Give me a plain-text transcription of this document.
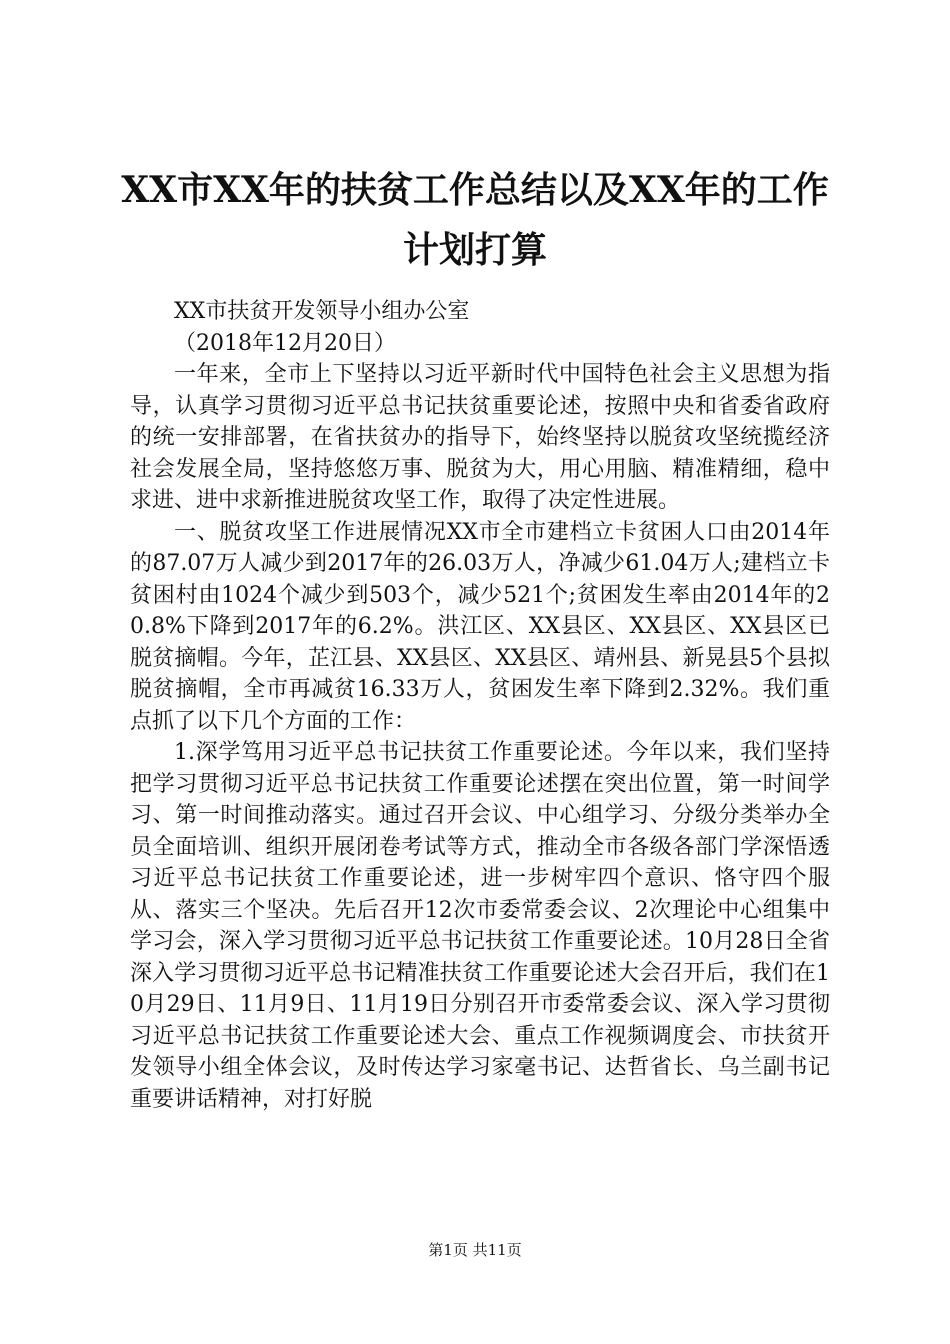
XX市XX年的扶贫工作总结以及XX年的工作计划打算

XX市扶贫开发领导小组办公室

（2018年12月20日）

一年来，全市上下坚持以习近平新时代中国特色社会主义思想为指导，认真学习贯彻习近平总书记扶贫重要论述，按照中央和省委省政府的统一安排部署，在省扶贫办的指导下，始终坚持以脱贫攻坚统揽经济社会发展全局，坚持悠悠万事、脱贫为大，用心用脑、精准精细，稳中求进、进中求新推进脱贫攻坚工作，取得了决定性进展。

一、脱贫攻坚工作进展情况XX市全市建档立卡贫困人口由2014年的87.07万人减少到2017年的26.03万人，净减少61.04万人;建档立卡贫困村由1024个减少到503个，减少521个;贫困发生率由2014年的20.8%下降到2017年的6.2%。洪江区、XX县区、XX县区、XX县区已脱贫摘帽。今年，芷江县、XX县区、XX县区、靖州县、新晃县5个县拟脱贫摘帽，全市再减贫16.33万人，贫困发生率下降到2.32%。我们重点抓了以下几个方面的工作：

1.深学笃用习近平总书记扶贫工作重要论述。今年以来，我们坚持把学习贯彻习近平总书记扶贫工作重要论述摆在突出位置，第一时间学习、第一时间推动落实。通过召开会议、中心组学习、分级分类举办全员全面培训、组织开展闭卷考试等方式，推动全市各级各部门学深悟透习近平总书记扶贫工作重要论述，进一步树牢四个意识、恪守四个服从、落实三个坚决。先后召开12次市委常委会议、2次理论中心组集中学习会，深入学习贯彻习近平总书记扶贫工作重要论述。10月28日全省深入学习贯彻习近平总书记精准扶贫工作重要论述大会召开后，我们在10月29日、11月9日、11月19日分别召开市委常委会议、深入学习贯彻习近平总书记扶贫工作重要论述大会、重点工作视频调度会、市扶贫开发领导小组全体会议，及时传达学习家毫书记、达哲省长、乌兰副书记重要讲话精神，对打好脱

第1页 共11页
